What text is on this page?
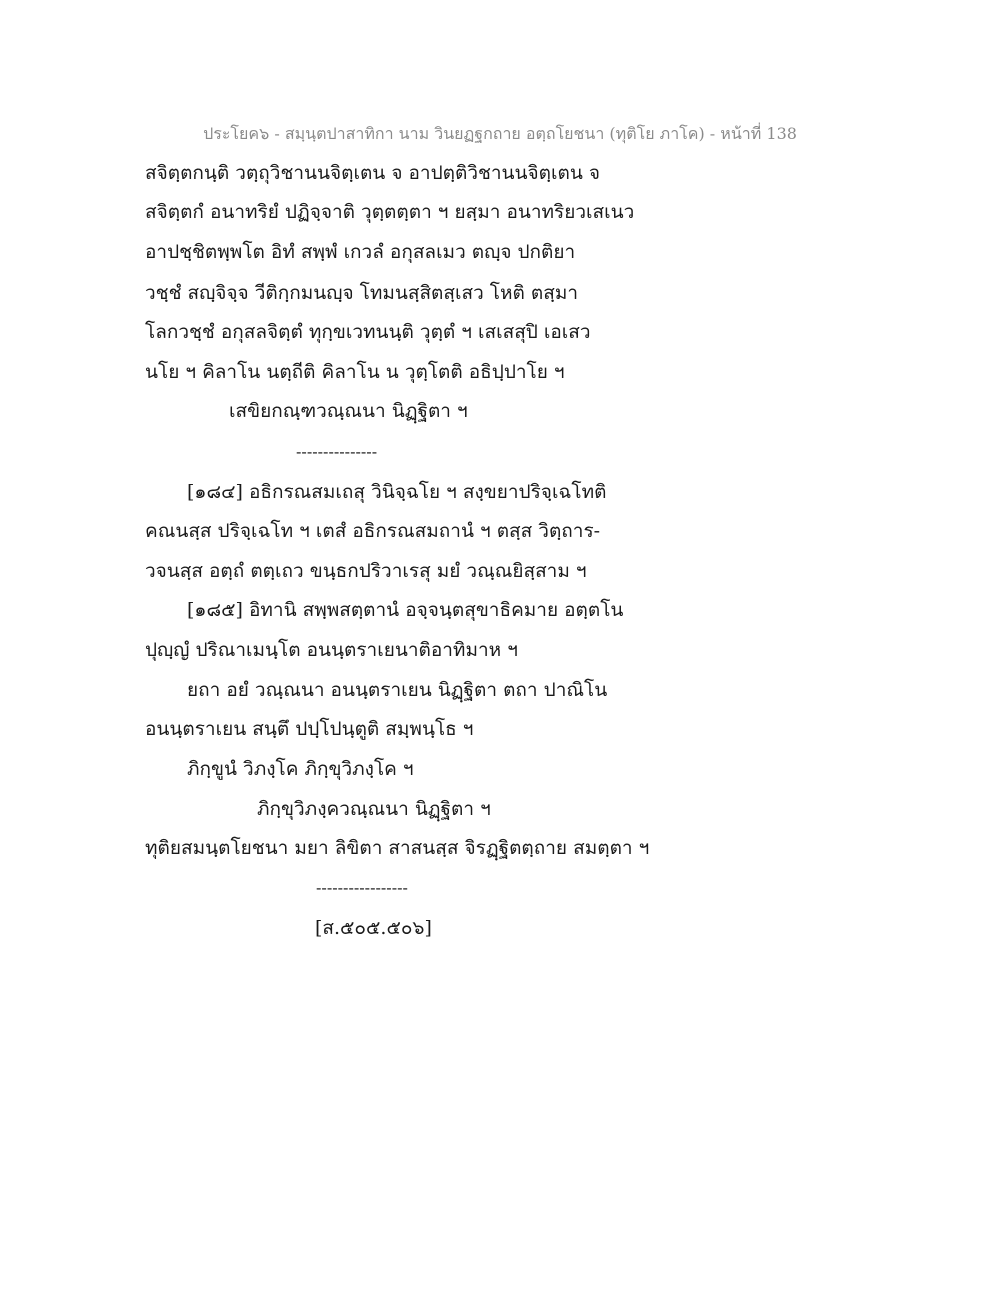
ประโยค๖ - สมฺนฺตปาสาทิกา นาม วินยฏฐกถาย อตฺถโยชนา (ทุติโย ภาโค) - หน้าที่ 138
สจิตฺตกนฺติ วตฺถุวิชานนจิตฺเตน จ อาปตฺติวิชานนจิตฺเตน จ
สจิตฺตกํ อนาทริยํ ปฏิจฺจาติ วุตฺตตฺตา ฯ ยสฺมา อนาทริยวเสเนว
อาปชฺชิตพฺพโต อิทํ สพฺพํ เกวลํ อกุสลเมว ตญฺจ ปกติยา
วชฺชํ สญฺจิจฺจ วีติกฺกมนญฺจ โทมนสฺสิตสฺเสว โหติ ตสฺมา
โลกวชฺชํ อกุสลจิตฺตํ ทุกฺขเวทนนฺติ วุตฺตํ ฯ เสเสสุปิ เอเสว
นโย ฯ คิลาโน นตฺถีติ คิลาโน น วุตฺโตติ อธิปฺปาโย ฯ
เสขิยกณฺฑวณฺณนา นิฏฺฐิตา ฯ
---------------
[๑๘๔] อธิกรณสมเถสุ วินิจฺฉโย ฯ สงฺขยาปริจฺเฉโทติ
คณนสฺส ปริจฺเฉโท ฯ เตสํ อธิกรณสมถานํ ฯ ตสฺส วิตฺถาร-
วจนสฺส อตฺถํ ตตฺเถว ขนฺธกปริวาเรสุ มยํ วณฺณยิสฺสาม ฯ
[๑๘๕] อิทานิ สพฺพสตฺตานํ อจฺจนฺตสุขาธิคมาย อตฺตโน
ปุญฺญํ ปริณาเมนฺโต อนนฺตราเยนาติอาทิมาห ฯ
ยถา อยํ วณฺณนา อนนฺตราเยน นิฏฺฐิตา ตถา ปาณิโน
อนนฺตราเยน สนฺตึ ปปฺโปนฺตูติ สมฺพนฺโธ ฯ
ภิกฺขูนํ วิภงฺโค ภิกฺขุวิภงฺโค ฯ
ภิกฺขุวิภงฺควณฺณนา นิฏฺฐิตา ฯ
ทุติยสมนฺตโยชนา มยา ลิขิตา สาสนสฺส จิรฏฺฐิตตฺถาย สมตฺตา ฯ
-----------------
[ส.๕๐๕.๕๐๖]
